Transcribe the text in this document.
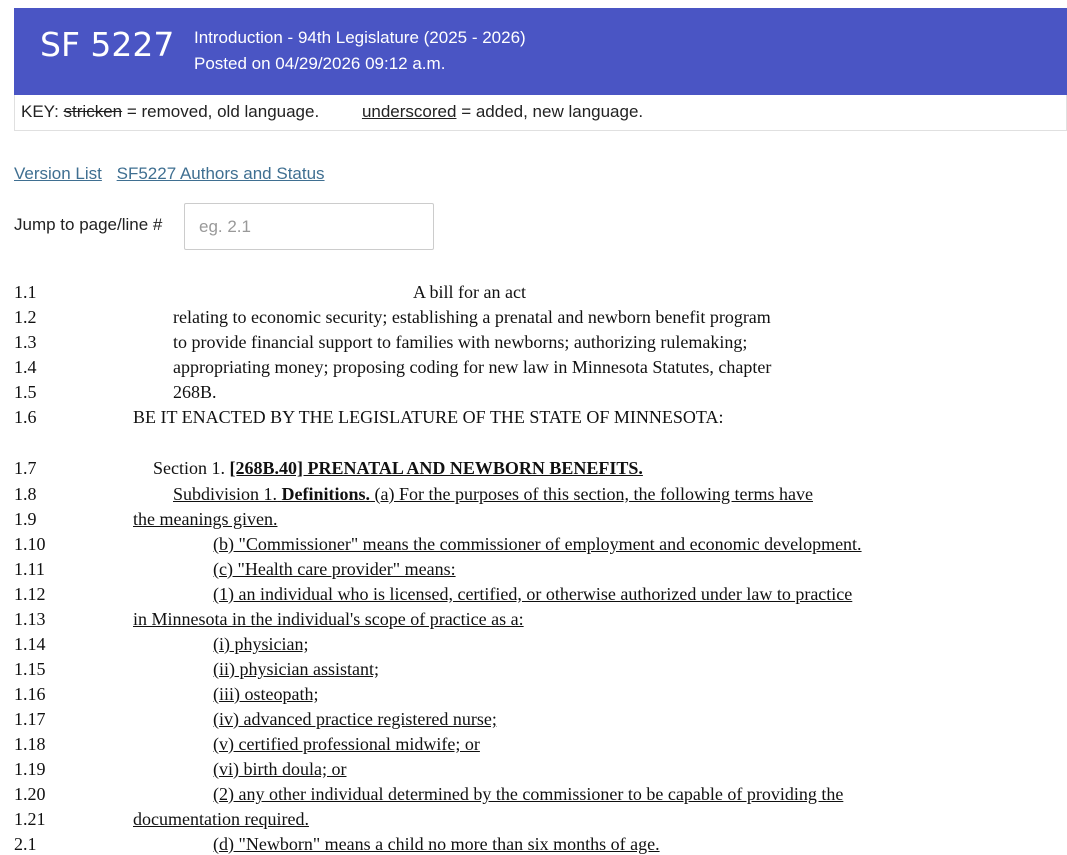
SF 5227 Introduction - 94th Legislature (2025 - 2026)
Posted on 04/29/2026 09:12 a.m.
KEY: stricken = removed, old language.	underscored = added, new language.
Version List SF5227 Authors and Status
Jump to page/line #
eg. 2.1
1.1	A bill for an act
1.2	relating to economic security; establishing a prenatal and newborn benefit program
1.3	to provide financial support to families with newborns; authorizing rulemaking;
1.4	appropriating money; proposing coding for new law in Minnesota Statutes, chapter
1.5	268B.
1.6	BE IT ENACTED BY THE LEGISLATURE OF THE STATE OF MINNESOTA:
1.7	Section 1. [268B.40] PRENATAL AND NEWBORN BENEFITS.
1.8	Subdivision 1. Definitions. (a) For the purposes of this section, the following terms have
1.9	the meanings given.
1.10	(b) "Commissioner" means the commissioner of employment and economic development.
1.11	(c) "Health care provider" means:
1.12	(1) an individual who is licensed, certified, or otherwise authorized under law to practice
1.13	in Minnesota in the individual's scope of practice as a:
1.14	(i) physician;
1.15	(ii) physician assistant;
1.16	(iii) osteopath;
1.17	(iv) advanced practice registered nurse;
1.18	(v) certified professional midwife; or
1.19	(vi) birth doula; or
1.20	(2) any other individual determined by the commissioner to be capable of providing the
1.21	documentation required.
2.1	(d) "Newborn" means a child no more than six months of age.
